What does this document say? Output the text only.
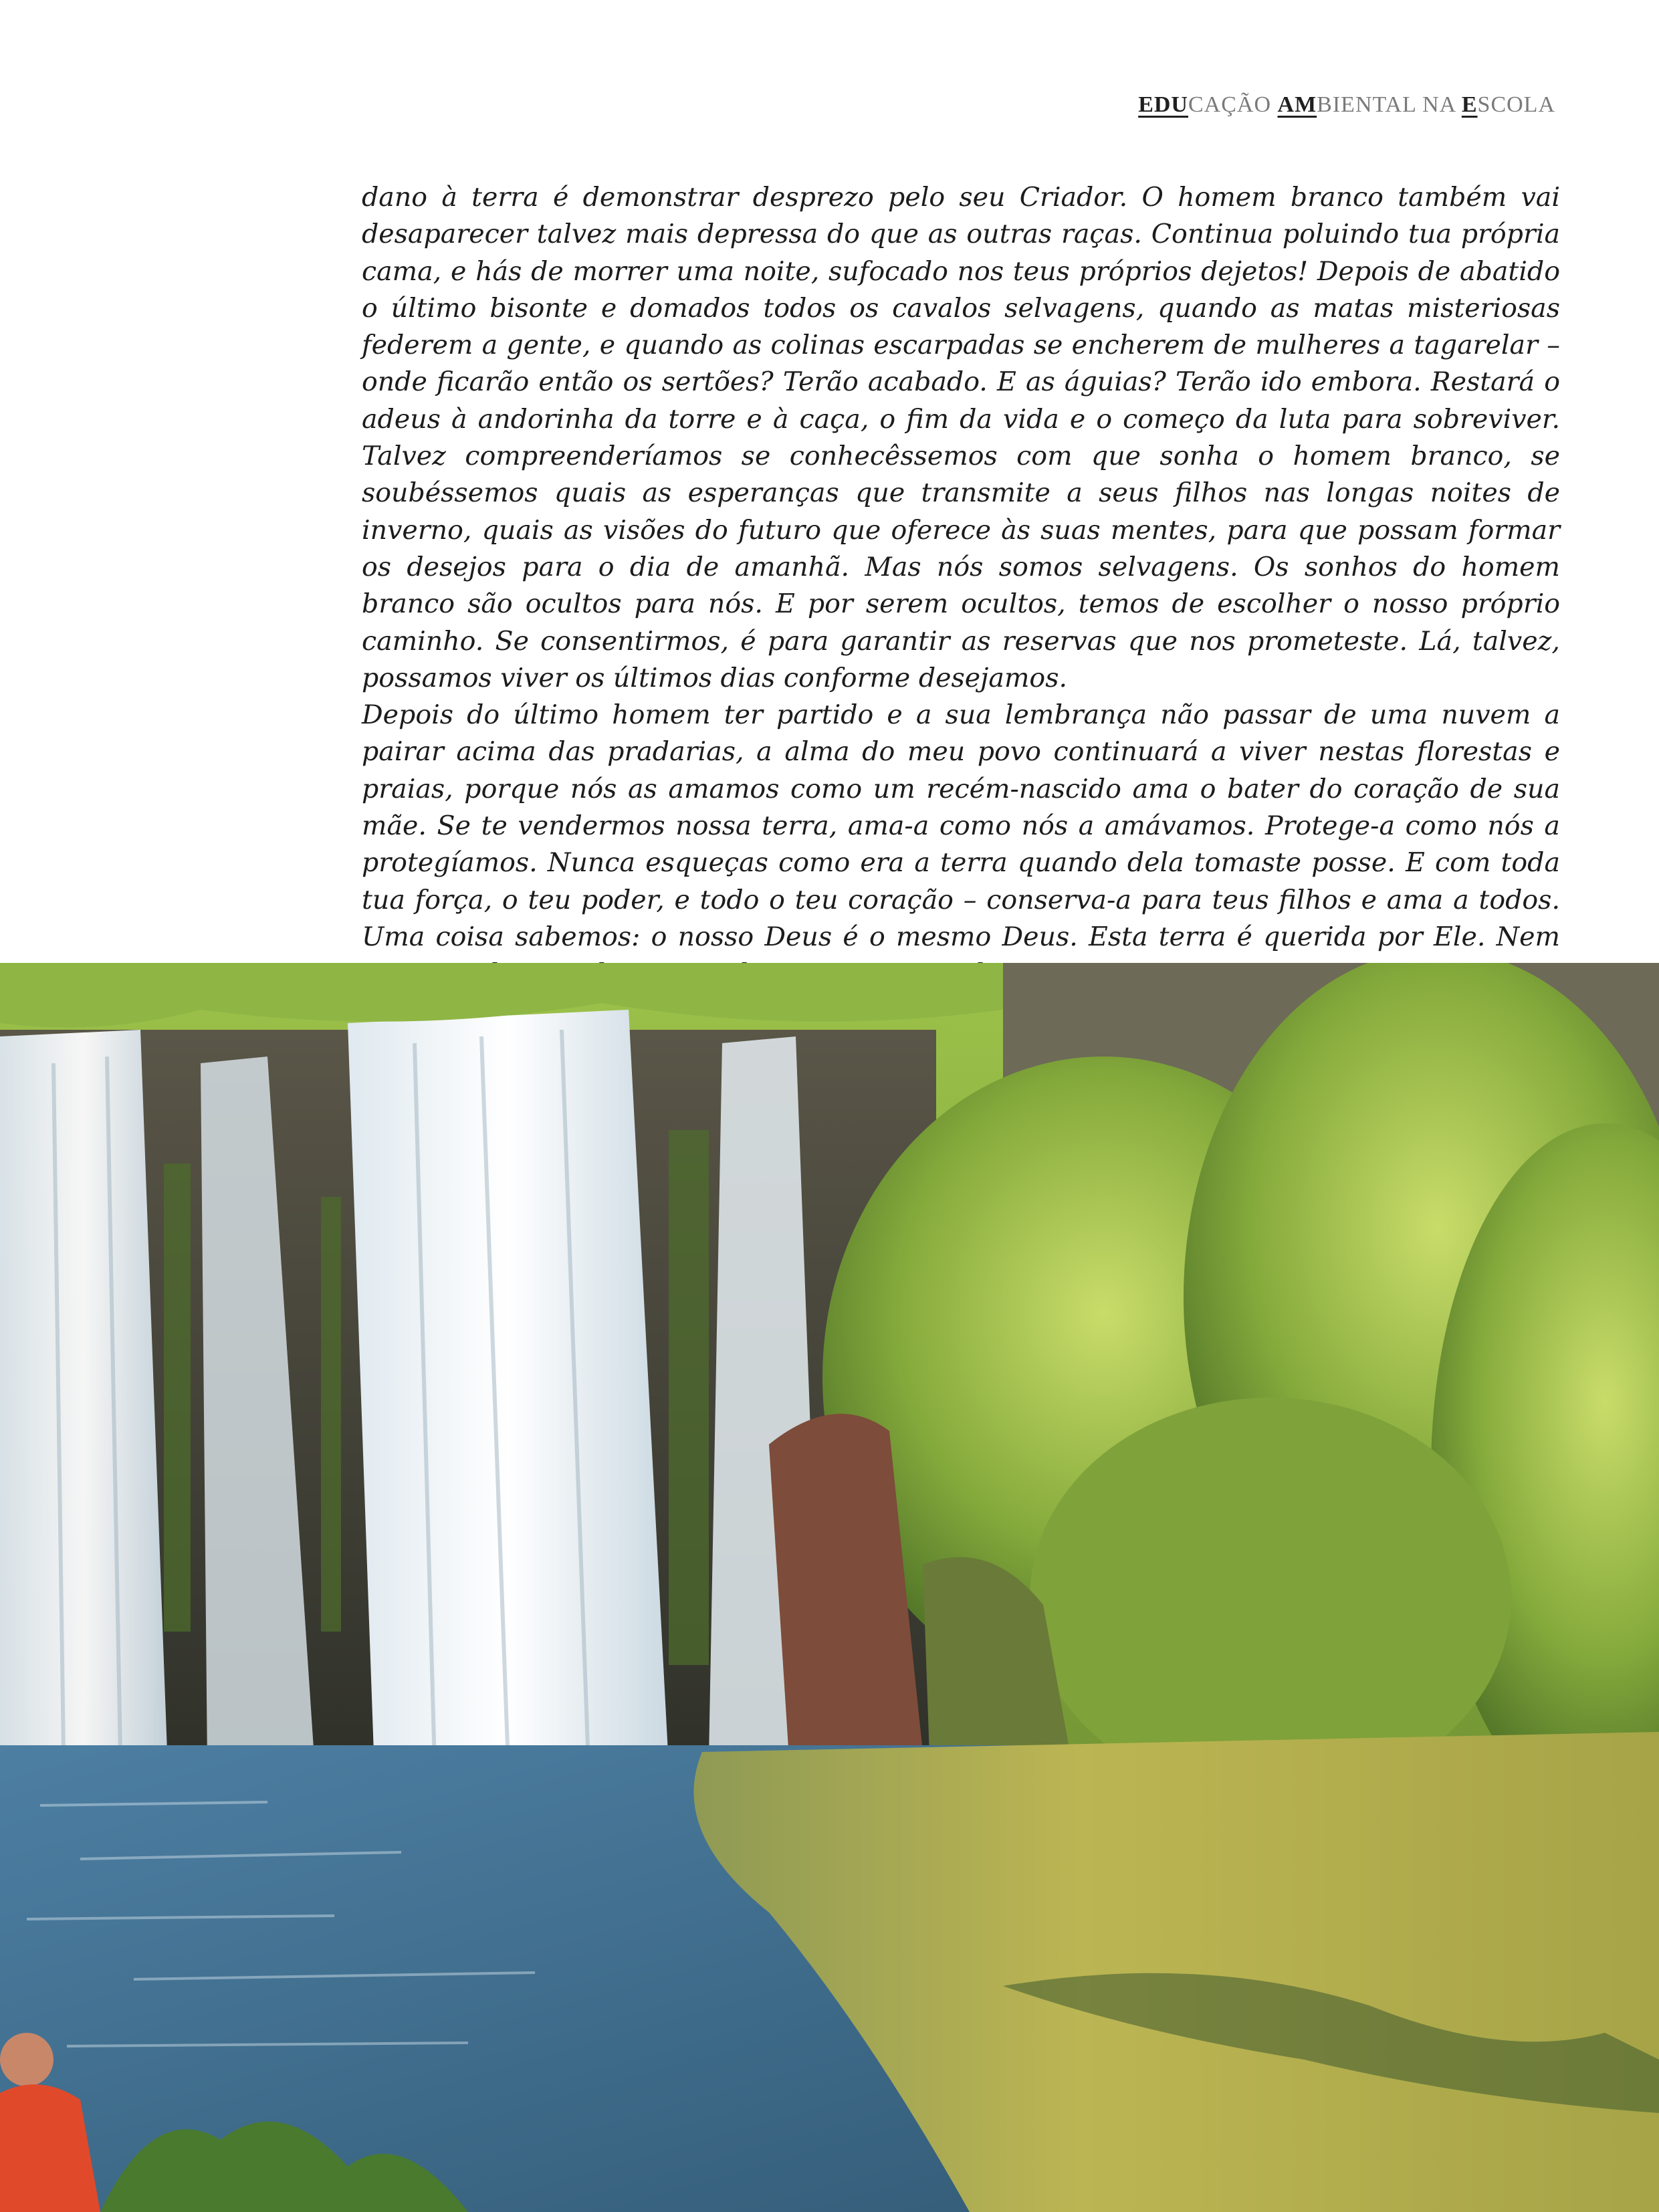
EDUCAÇÃO AMBIENTAL NA ESCOLA

dano à terra é demonstrar desprezo pelo seu Criador. O homem branco também vai desaparecer talvez mais depressa do que as outras raças. Continua poluindo tua própria cama, e hás de morrer uma noite, sufocado nos teus próprios dejetos! Depois de abatido o último bisonte e domados todos os cavalos selvagens, quando as matas misteriosas federem a gente, e quando as colinas escarpadas se encherem de mulheres a tagarelar – onde ficarão então os sertões? Terão acabado. E as águias? Terão ido embora. Restará o adeus à andorinha da torre e à caça, o fim da vida e o começo da luta para sobreviver. Talvez compreenderíamos se conhecêssemos com que sonha o homem branco, se soubéssemos quais as esperanças que transmite a seus filhos nas longas noites de inverno, quais as visões do futuro que oferece às suas mentes, para que possam formar os desejos para o dia de amanhã. Mas nós somos selvagens. Os sonhos do homem branco são ocultos para nós. E por serem ocultos, temos de escolher o nosso próprio caminho. Se consentirmos, é para garantir as reservas que nos prometeste. Lá, talvez, possamos viver os últimos dias conforme desejamos.

Depois do último homem ter partido e a sua lembrança não passar de uma nuvem a pairar acima das pradarias, a alma do meu povo continuará a viver nestas florestas e praias, porque nós as amamos como um recém-nascido ama o bater do coração de sua mãe. Se te vendermos nossa terra, ama-a como nós a amávamos. Protege-a como nós a protegíamos. Nunca esqueças como era a terra quando dela tomaste posse. E com toda tua força, o teu poder, e todo o teu coração – conserva-a para teus filhos e ama a todos. Uma coisa sabemos: o nosso Deus é o mesmo Deus. Esta terra é querida por Ele. Nem
